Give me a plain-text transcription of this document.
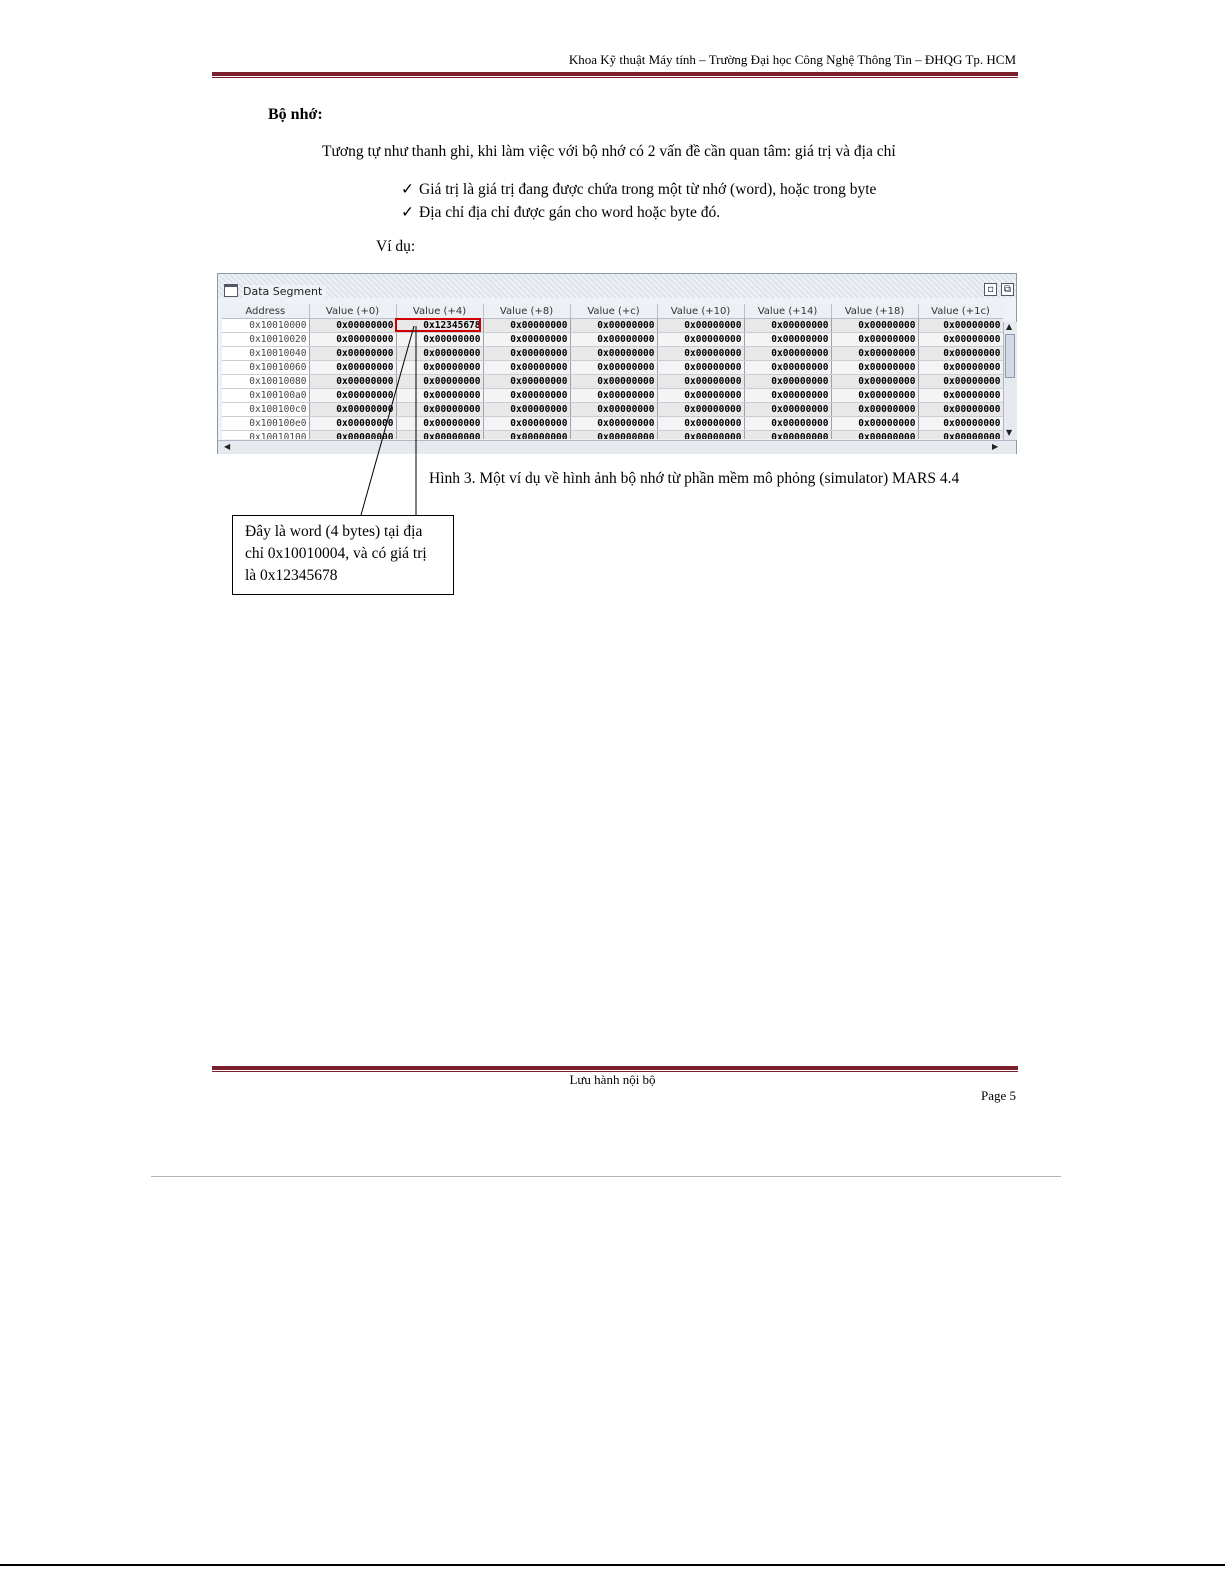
Khoa Kỹ thuật Máy tính – Trường Đại học Công Nghệ Thông Tin – ĐHQG Tp. HCM
Bộ nhớ:
Tương tự như thanh ghi, khi làm việc với bộ nhớ có 2 vấn đề cần quan tâm: giá trị và địa chỉ
✓ Giá trị là giá trị đang được chứa trong một từ nhớ (word), hoặc trong byte
✓ Địa chỉ địa chỉ được gán cho word hoặc byte đó.
Ví dụ:
Data Segment	▫	⧉
Address	Value (+0)	Value (+4)	Value (+8)	Value (+c)	Value (+10)	Value (+14)	Value (+18)	Value (+1c)
0x10010000	0x00000000	0x12345678	0x00000000	0x00000000	0x00000000	0x00000000	0x00000000	0x00000000
0x10010020	0x00000000	0x00000000	0x00000000	0x00000000	0x00000000	0x00000000	0x00000000	0x00000000
0x10010040	0x00000000	0x00000000	0x00000000	0x00000000	0x00000000	0x00000000	0x00000000	0x00000000
0x10010060	0x00000000	0x00000000	0x00000000	0x00000000	0x00000000	0x00000000	0x00000000	0x00000000
0x10010080	0x00000000	0x00000000	0x00000000	0x00000000	0x00000000	0x00000000	0x00000000	0x00000000
0x100100a0	0x00000000	0x00000000	0x00000000	0x00000000	0x00000000	0x00000000	0x00000000	0x00000000
0x100100c0	0x00000000	0x00000000	0x00000000	0x00000000	0x00000000	0x00000000	0x00000000	0x00000000
0x100100e0	0x00000000	0x00000000	0x00000000	0x00000000	0x00000000	0x00000000	0x00000000	0x00000000
0x10010100	0x00000000	0x00000000	0x00000000	0x00000000	0x00000000	0x00000000	0x00000000	0x00000000
▲
▼
◀	▶
Hình 3. Một ví dụ về hình ảnh bộ nhớ từ phần mềm mô phỏng (simulator) MARS 4.4
Đây là word (4 bytes) tại địa
chỉ 0x10010004, và có giá trị
là 0x12345678
Lưu hành nội bộ
Page 5
